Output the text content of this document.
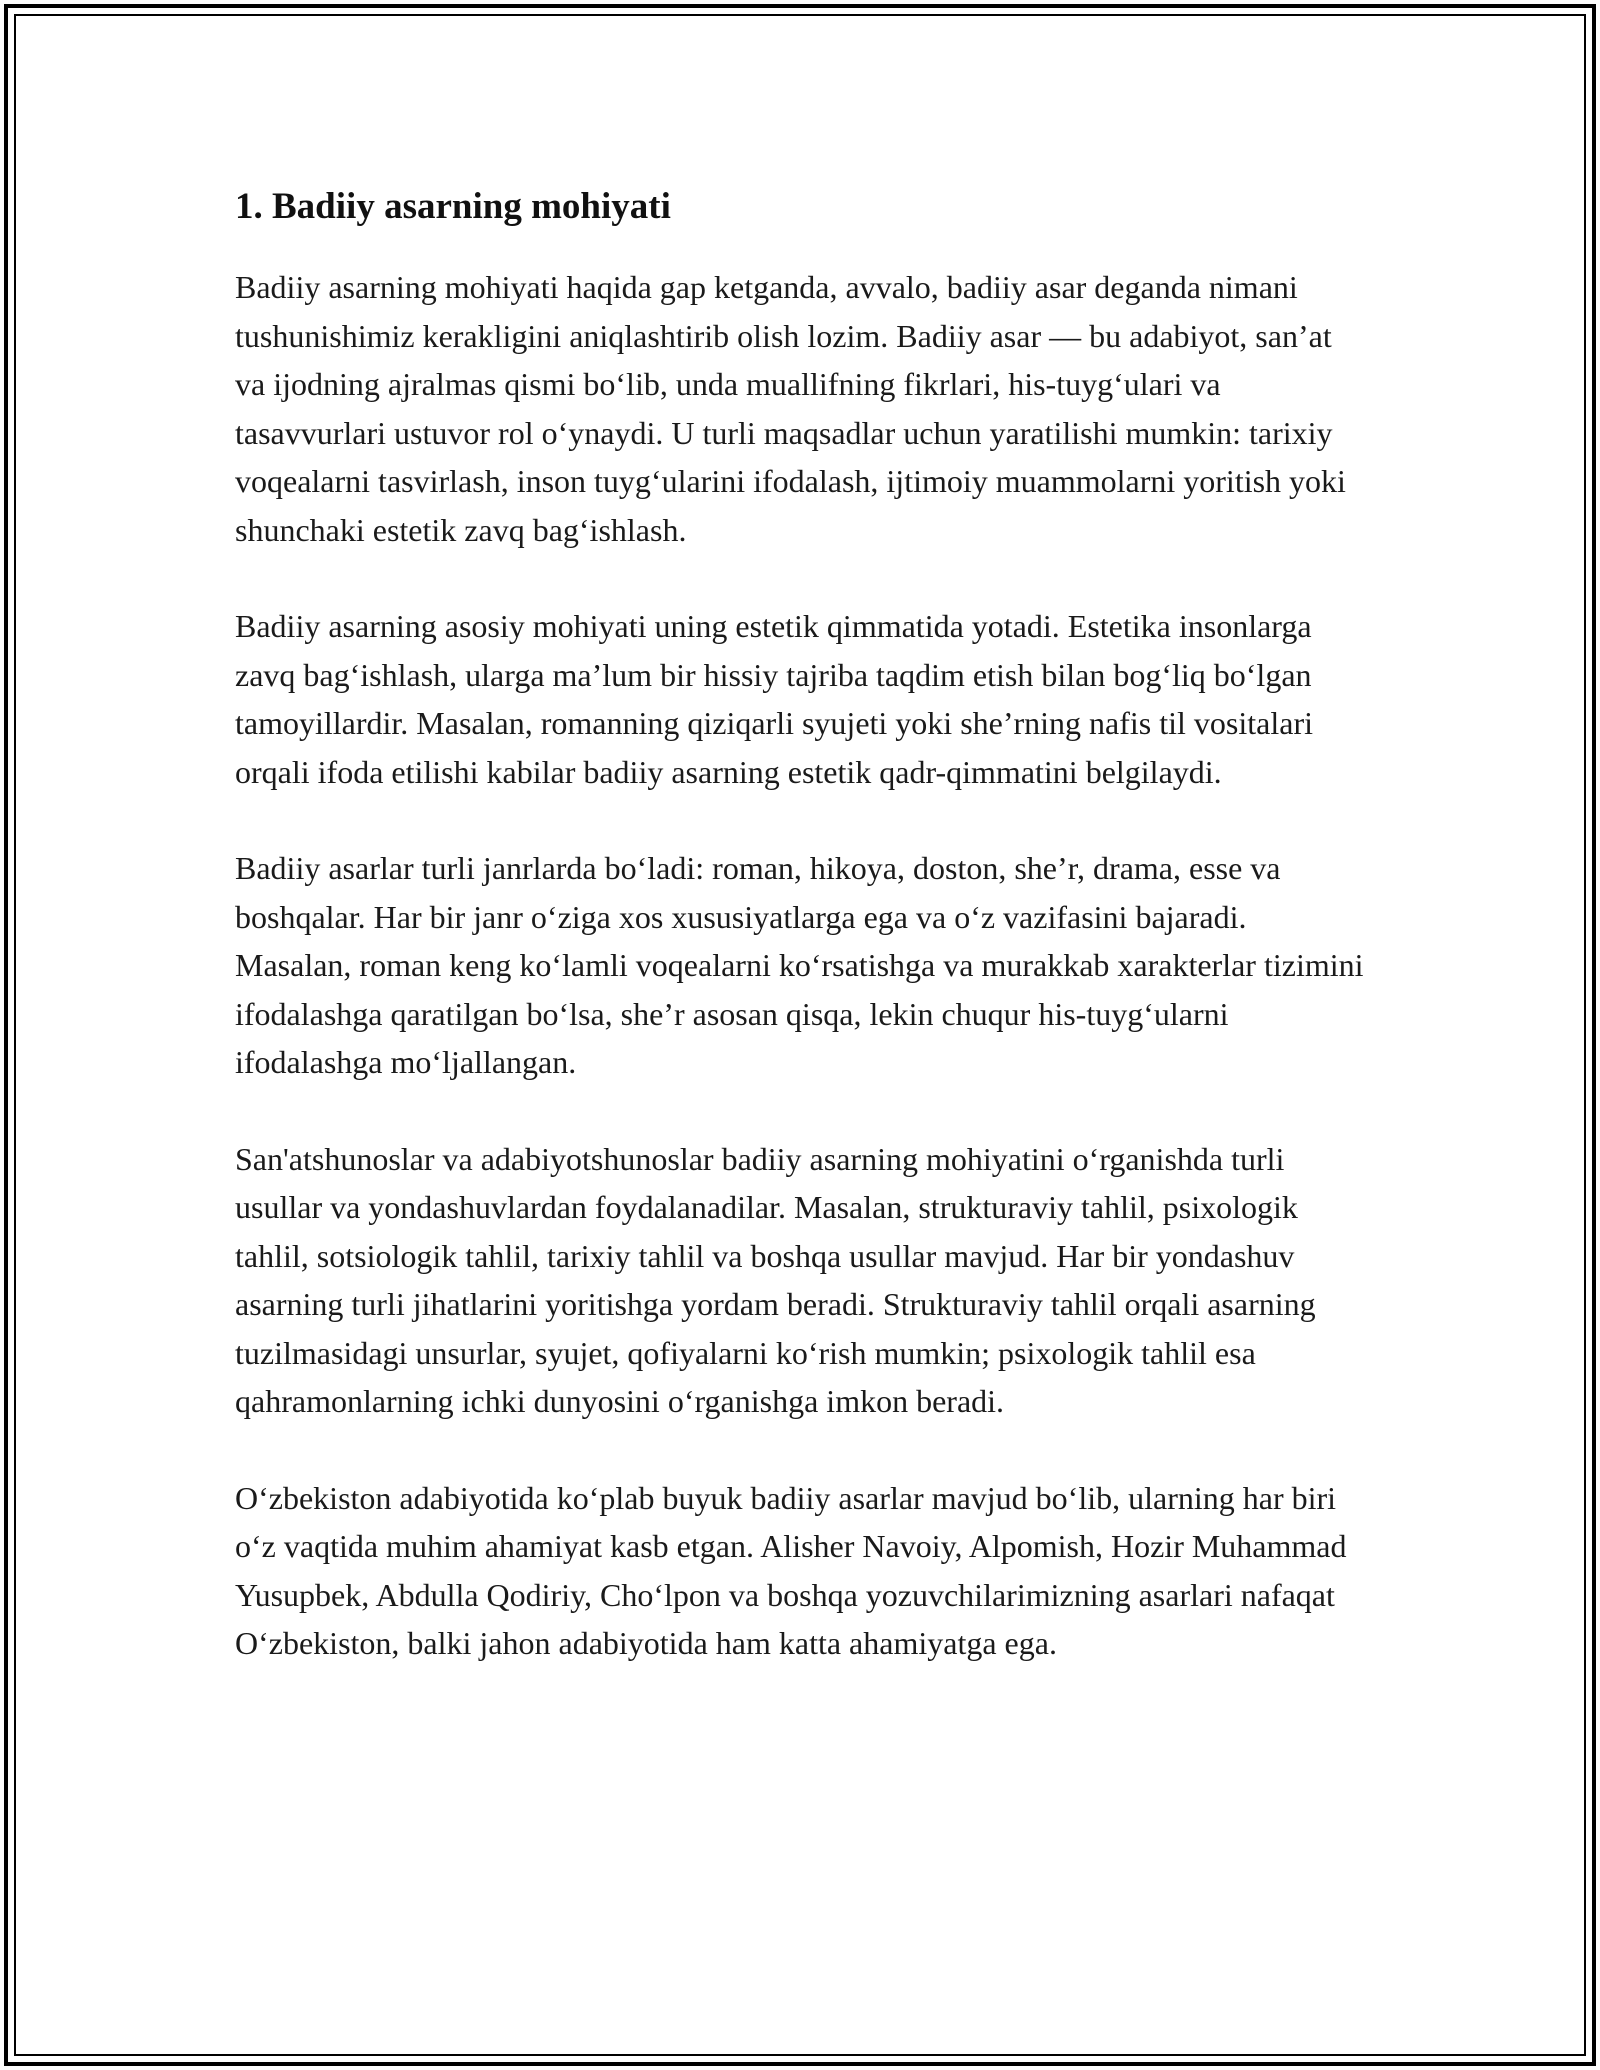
1. Badiiy asarning mohiyati

Badiiy asarning mohiyati haqida gap ketganda, avvalo, badiiy asar deganda nimani tushunishimiz kerakligini aniqlashtirib olish lozim. Badiiy asar — bu adabiyot, san’at va ijodning ajralmas qismi bo‘lib, unda muallifning fikrlari, his-tuyg‘ulari va tasavvurlari ustuvor rol o‘ynaydi. U turli maqsadlar uchun yaratilishi mumkin: tarixiy voqealarni tasvirlash, inson tuyg‘ularini ifodalash, ijtimoiy muammolarni yoritish yoki shunchaki estetik zavq bag‘ishlash.

Badiiy asarning asosiy mohiyati uning estetik qimmatida yotadi. Estetika insonlarga zavq bag‘ishlash, ularga ma’lum bir hissiy tajriba taqdim etish bilan bog‘liq bo‘lgan tamoyillardir. Masalan, romanning qiziqarli syujeti yoki she’rning nafis til vositalari orqali ifoda etilishi kabilar badiiy asarning estetik qadr-qimmatini belgilaydi.

Badiiy asarlar turli janrlarda bo‘ladi: roman, hikoya, doston, she’r, drama, esse va boshqalar. Har bir janr o‘ziga xos xususiyatlarga ega va o‘z vazifasini bajaradi. Masalan, roman keng ko‘lamli voqealarni ko‘rsatishga va murakkab xarakterlar tizimini ifodalashga qaratilgan bo‘lsa, she’r asosan qisqa, lekin chuqur his-tuyg‘ularni ifodalashga mo‘ljallangan.

San'atshunoslar va adabiyotshunoslar badiiy asarning mohiyatini o‘rganishda turli usullar va yondashuvlardan foydalanadilar. Masalan, strukturaviy tahlil, psixologik tahlil, sotsiologik tahlil, tarixiy tahlil va boshqa usullar mavjud. Har bir yondashuv asarning turli jihatlarini yoritishga yordam beradi. Strukturaviy tahlil orqali asarning tuzilmasidagi unsurlar, syujet, qofiyalarni ko‘rish mumkin; psixologik tahlil esa qahramonlarning ichki dunyosini o‘rganishga imkon beradi.

O‘zbekiston adabiyotida ko‘plab buyuk badiiy asarlar mavjud bo‘lib, ularning har biri o‘z vaqtida muhim ahamiyat kasb etgan. Alisher Navoiy, Alpomish, Hozir Muhammad Yusupbek, Abdulla Qodiriy, Cho‘lpon va boshqa yozuvchilarimizning asarlari nafaqat O‘zbekiston, balki jahon adabiyotida ham katta ahamiyatga ega.
